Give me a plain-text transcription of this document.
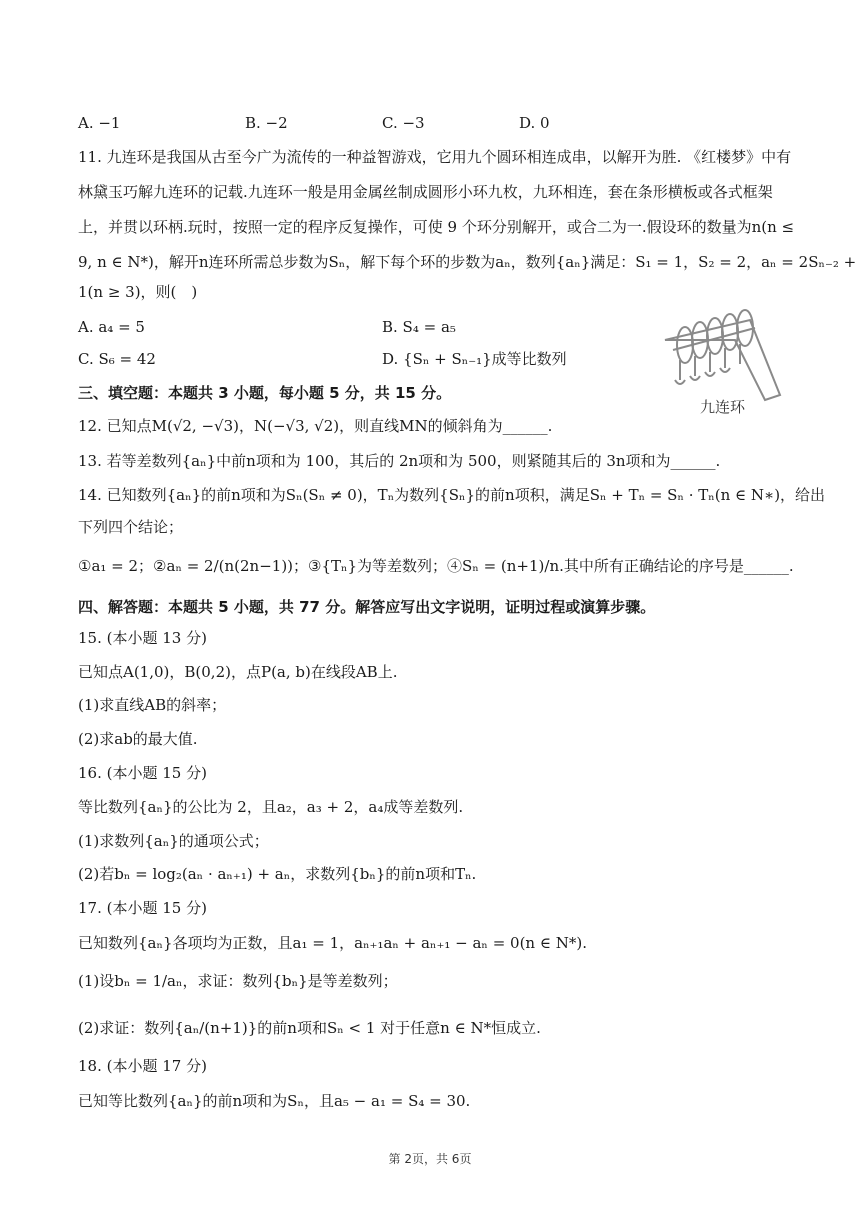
A. −1	B. −2	C. −3	D. 0
11. 九连环是我国从古至今广为流传的一种益智游戏，它用九个圆环相连成串，以解开为胜. 《红楼梦》中有
林黛玉巧解九连环的记载.九连环一般是用金属丝制成圆形小环九枚，九环相连，套在条形横板或各式框架
上，并贯以环柄.玩时，按照一定的程序反复操作，可使 9 个环分别解开，或合二为一.假设环的数量为n(n ≤
9, n ∈ N*)，解开n连环所需总步数为Sₙ，解下每个环的步数为aₙ，数列{aₙ}满足：S₁ = 1，S₂ = 2，aₙ = 2Sₙ₋₂ +
1(n ≥ 3)，则(　)
A. a₄ = 5	B. S₄ = a₅
C. S₆ = 42	D. {Sₙ + Sₙ₋₁}成等比数列
九连环
三、填空题：本题共 3 小题，每小题 5 分，共 15 分。
12. 已知点M(√2, −√3)，N(−√3, √2)，则直线MN的倾斜角为______.
13. 若等差数列{aₙ}中前n项和为 100，其后的 2n项和为 500，则紧随其后的 3n项和为______.
14. 已知数列{aₙ}的前n项和为Sₙ(Sₙ ≠ 0)，Tₙ为数列{Sₙ}的前n项积，满足Sₙ + Tₙ = Sₙ · Tₙ(n ∈ N∗)，给出
下列四个结论；
①a₁ = 2；②aₙ = 2/(n(2n−1))；③{Tₙ}为等差数列；④Sₙ = (n+1)/n.其中所有正确结论的序号是______.
四、解答题：本题共 5 小题，共 77 分。解答应写出文字说明，证明过程或演算步骤。
15. (本小题 13 分)
已知点A(1,0)，B(0,2)，点P(a, b)在线段AB上.
(1)求直线AB的斜率；
(2)求ab的最大值.
16. (本小题 15 分)
等比数列{aₙ}的公比为 2，且a₂，a₃ + 2，a₄成等差数列.
(1)求数列{aₙ}的通项公式；
(2)若bₙ = log₂(aₙ · aₙ₊₁) + aₙ，求数列{bₙ}的前n项和Tₙ.
17. (本小题 15 分)
已知数列{aₙ}各项均为正数，且a₁ = 1，aₙ₊₁aₙ + aₙ₊₁ − aₙ = 0(n ∈ N*).
(1)设bₙ = 1/aₙ，求证：数列{bₙ}是等差数列；
(2)求证：数列{aₙ/(n+1)}的前n项和Sₙ < 1 对于任意n ∈ N*恒成立.
18. (本小题 17 分)
已知等比数列{aₙ}的前n项和为Sₙ，且a₅ − a₁ = S₄ = 30.
第 2页，共 6页
